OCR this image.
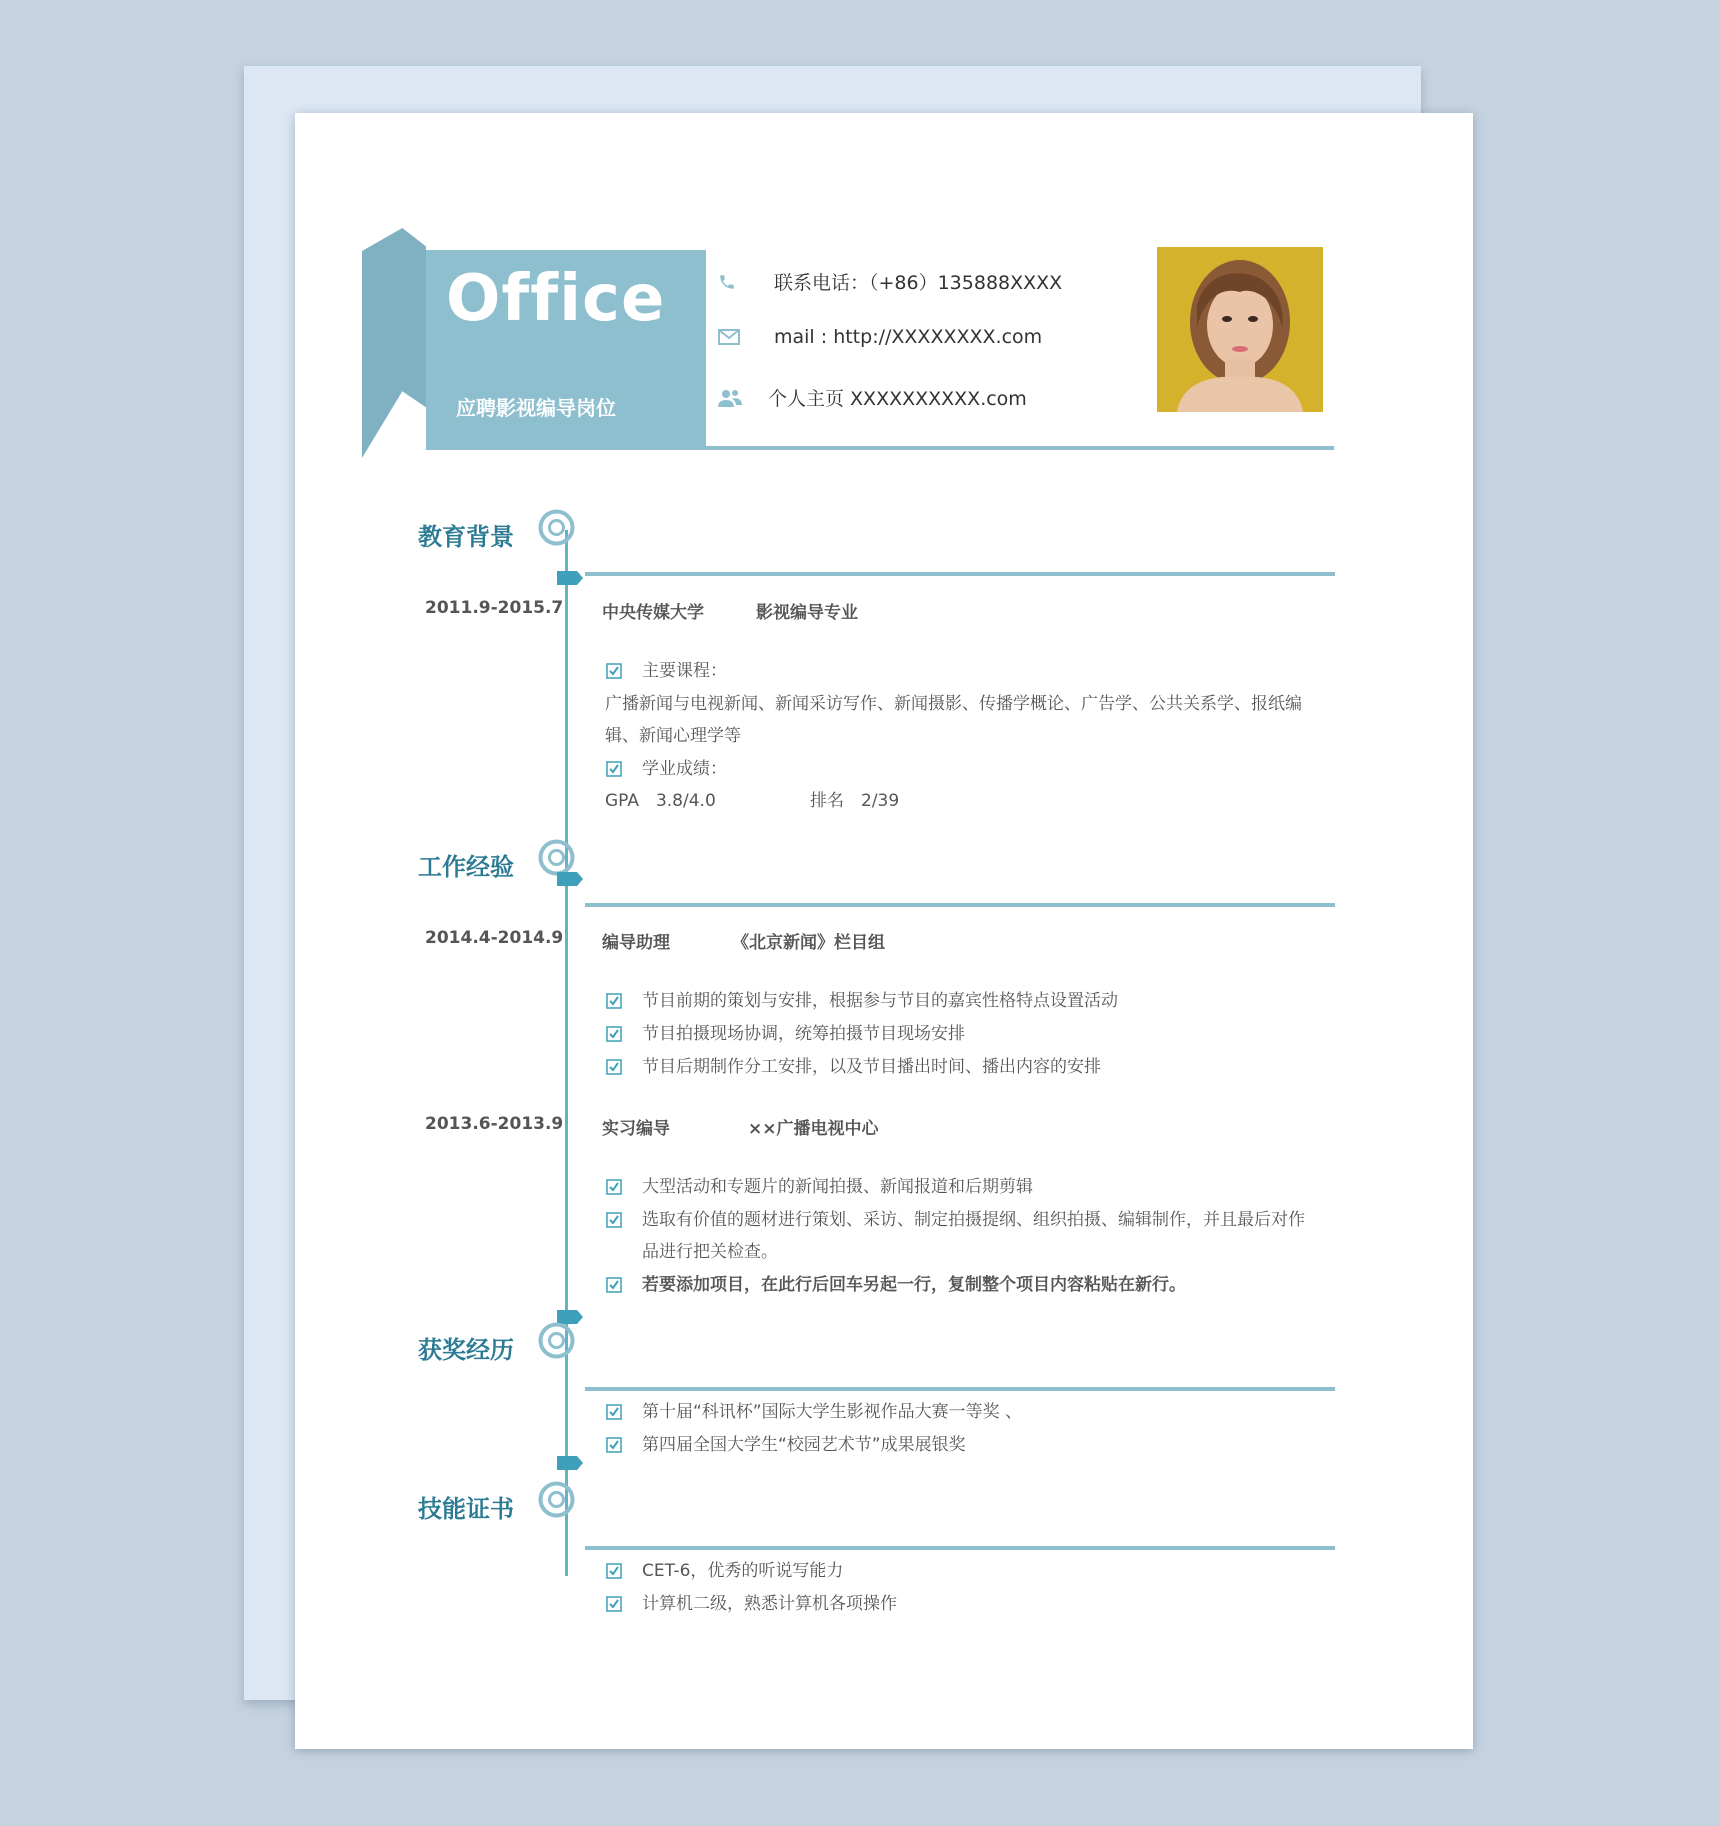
Office
应聘影视编导岗位
联系电话：（+86）135888XXXX
mail : http://XXXXXXXX.com
个人主页 XXXXXXXXXX.com
教育背景
2011.9-2015.7 中央传媒大学	影视编导专业
主要课程：
广播新闻与电视新闻、新闻采访写作、新闻摄影、传播学概论、广告学、公共关系学、报纸编
辑、新闻心理学等
学业成绩：
GPA　3.8/4.0	排名　2/39
工作经验
2014.4-2014.9 编导助理	《北京新闻》栏目组
节目前期的策划与安排，根据参与节目的嘉宾性格特点设置活动
节目拍摄现场协调，统筹拍摄节目现场安排
节目后期制作分工安排，以及节目播出时间、播出内容的安排
2013.6-2013.9 实习编导	××广播电视中心
大型活动和专题片的新闻拍摄、新闻报道和后期剪辑
选取有价值的题材进行策划、采访、制定拍摄提纲、组织拍摄、编辑制作，并且最后对作
品进行把关检查。
若要添加项目，在此行后回车另起一行，复制整个项目内容粘贴在新行。
获奖经历
第十届“科讯杯”国际大学生影视作品大赛一等奖 、
第四届全国大学生“校园艺术节”成果展银奖
技能证书
CET-6，优秀的听说写能力
计算机二级，熟悉计算机各项操作
